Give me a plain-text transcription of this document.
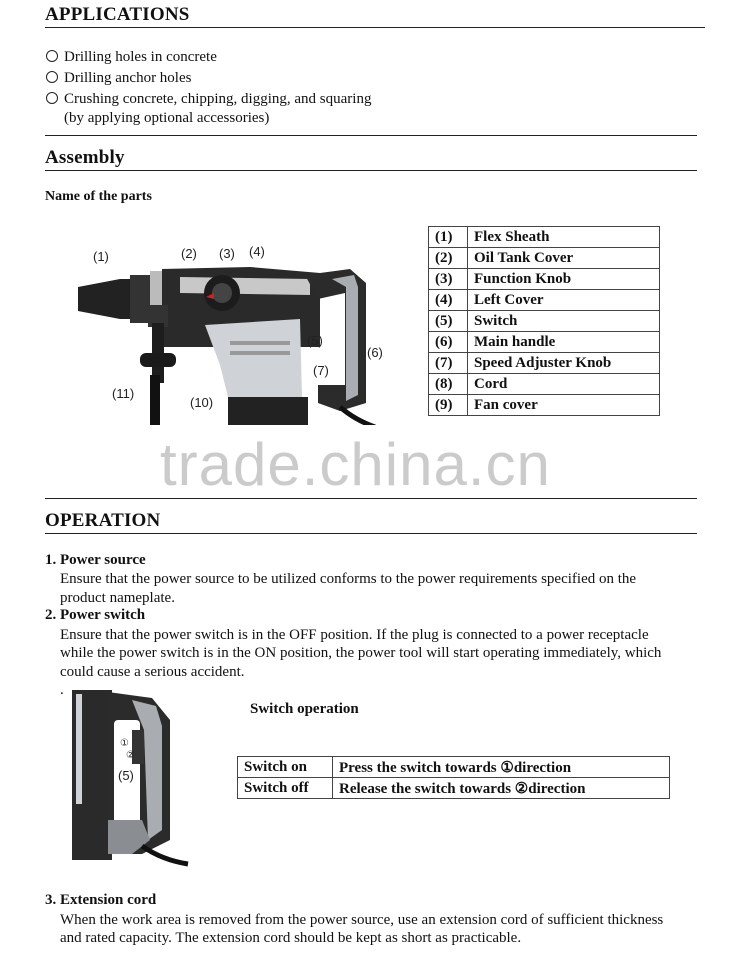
APPLICATIONS
Drilling holes in concrete
Drilling anchor holes
Crushing concrete, chipping, digging, and squaring
(by applying optional accessories)
Assembly
Name of the parts
(1)	(2) (3) (4)
(5)
(6)
(7)
(10)
(11)
(1)	Flex Sheath
(2)	Oil Tank Cover
(3)	Function Knob
(4)	Left Cover
(5)	Switch
(6)	Main handle
(7)	Speed Adjuster Knob
(8)	Cord
(9)	Fan cover
trade.china.cn
OPERATION
1. Power source
Ensure that the power source to be utilized conforms to the power requirements specified on the
product nameplate.
2. Power switch
Ensure that the power switch is in the OFF position. If the plug is connected to a power receptacle
while the power switch is in the ON position, the power tool will start operating immediately, which
could cause a serious accident.
.
①
②
(5)
Switch operation
Switch on	Press the switch towards ①direction
Switch off	Release the switch towards ②direction
3. Extension cord
When the work area is removed from the power source, use an extension cord of sufficient thickness
and rated capacity. The extension cord should be kept as short as practicable.
